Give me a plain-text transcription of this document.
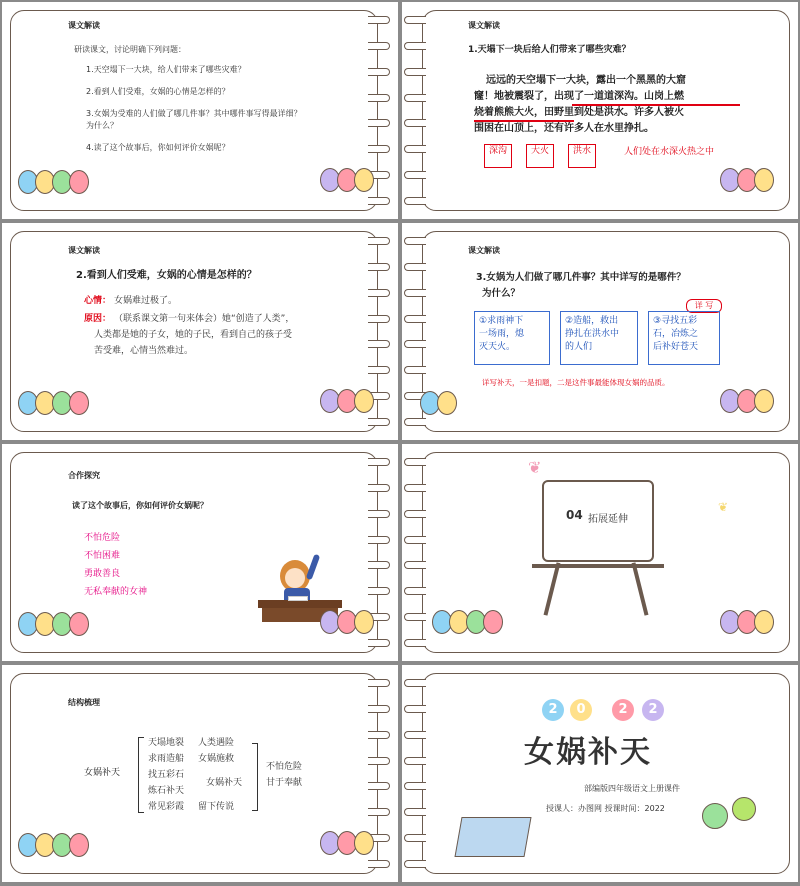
课文解读
研读课文，讨论明确下列问题：
1.天空塌下一大块，给人们带来了哪些灾难？
2.看到人们受难，女娲的心情是怎样的？
3.女娲为受难的人们做了哪几件事？其中哪件事写得最详细？
为什么？
4.读了这个故事后，你如何评价女娲呢？
课文解读
1.天塌下一块后给人们带来了哪些灾难？
远远的天空塌下一大块，露出一个黑黑的大窟
窿！地被震裂了，出现了一道道深沟。山岗上燃
烧着熊熊大火，田野里到处是洪水。许多人被火
围困在山顶上，还有许多人在水里挣扎。
深沟	大火	洪水	人们处在水深火热之中
课文解读
2.看到人们受难，女娲的心情是怎样的？
心情： 女娲难过极了。
原因： （联系课文第一句来体会）她“创造了人类”，
人类都是她的子女，她的子民，看到自己的孩子受
苦受难，心情当然难过。
课文解读
3.女娲为人们做了哪几件事？其中详写的是哪件？
为什么？
详 写
①求雨神下
一场雨，熄
灭天火。
②造船，救出
挣扎在洪水中
的人们
③寻找五彩
石，冶炼之
后补好苍天
详写补天，一是扣题，二是这件事最能体现女娲的品质。
合作探究
读了这个故事后，你如何评价女娲呢？
不怕危险
不怕困难
勇敢善良
无私奉献的女神
❦
❦
04 拓展延伸
结构梳理
女娲补天
天塌地裂
求雨造船
找五彩石
炼石补天
常见彩霞
人类遇险
女娲施救
女娲补天
留下传说
不怕危险
甘于奉献
2	0	2	2
女娲补天
部编版四年级语文上册课件
授课人：办图网 授课时间：2022
